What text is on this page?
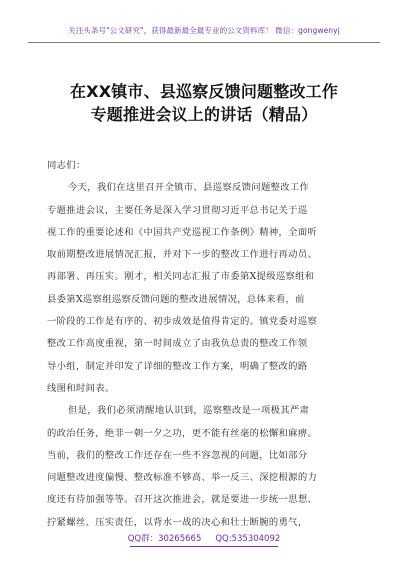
关注头条号"公文研究"，获得最新最全最专业的公文资料库！ 微信：gongwenyj
在XX镇市、县巡察反馈问题整改工作
专题推进会议上的讲话（精品）
同志们：

今天，我们在这里召开全镇市、县巡察反馈问题整改工作
专题推进会议，主要任务是深入学习贯彻习近平总书记关于巡
视工作的重要论述和《中国共产党巡视工作条例》精神，全面听
取前期整改进展情况汇报，并对下一步的整改工作进行再动员、
再部署、再压实。刚才，相关同志汇报了市委第X提级巡察组和
县委第X巡察组巡察反馈问题的整改进展情况，总体来看，前
一阶段的工作是有序的、初步成效是值得肯定的。镇党委对巡察
整改工作高度重视，第一时间成立了由我负总责的整改工作领
导小组，制定并印发了详细的整改工作方案，明确了整改的路
线图和时间表。

但是，我们必须清醒地认识到，巡察整改是一项极其严肃
的政治任务，绝非一朝一夕之功，更不能有丝毫的松懈和麻痹。
当前，我们的整改工作还存在一些不容忽视的问题，比如部分
问题整改进度偏慢、整改标准不够高、举一反三、深挖根源的力
度还有待加强等等。召开这次推进会，就是要进一步统一思想、
拧紧螺丝、压实责任，以背水一战的决心和壮士断腕的勇气，

QQ群：30265665 QQ:535304092
